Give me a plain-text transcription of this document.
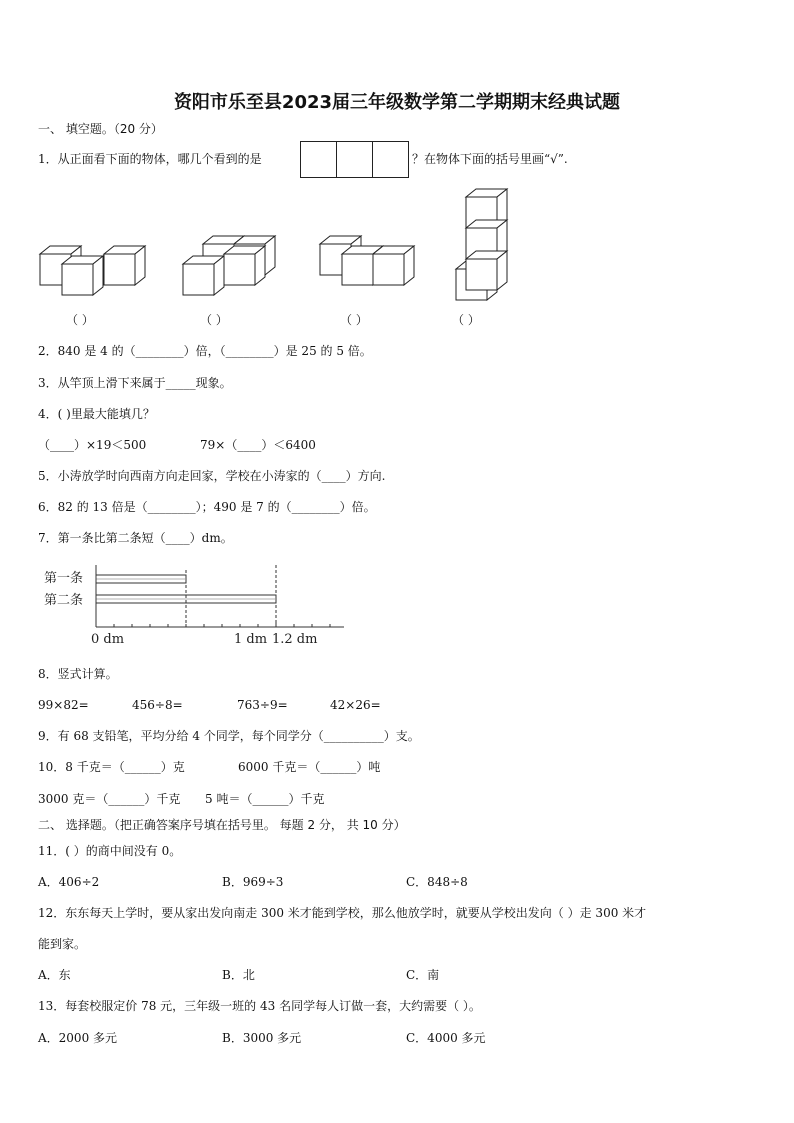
资阳市乐至县2023届三年级数学第二学期期末经典试题
一、 填空题。（20 分）
1．从正面看下面的物体，哪几个看到的是	？在物体下面的括号里画“√”.
（ ）	（ ）	（ ）	（ ）
2．840 是 4 的（________）倍，（________）是 25 的 5 倍。
3．从竿顶上滑下来属于_____现象。
4．( )里最大能填几？
（____）×19＜500	79×（____）＜6400
5．小涛放学时向西南方向走回家，学校在小涛家的（____）方向.
6．82 的 13 倍是（________）；490 是 7 的（________）倍。
7．第一条比第二条短（____）dm。
第一条
第二条
0 dm	1 dm 1.2 dm
8．竖式计算。
99×82=	456÷8=	763÷9=	42×26=
9．有 68 支铅笔，平均分给 4 个同学，每个同学分（__________）支。
10．8 千克＝（______）克	6000 千克＝（______）吨
3000 克＝（______）千克 5 吨＝（______）千克
二、 选择题。（把正确答案序号填在括号里。 每题 2 分， 共 10 分）
11．( ）的商中间没有 0。
A．406÷2	B．969÷3	C．848÷8
12．东东每天上学时，要从家出发向南走 300 米才能到学校，那么他放学时，就要从学校出发向（ ）走 300 米才
能到家。
A．东	B．北	C．南
13．每套校服定价 78 元，三年级一班的 43 名同学每人订做一套，大约需要（ ）。
A．2000 多元	B．3000 多元	C．4000 多元
